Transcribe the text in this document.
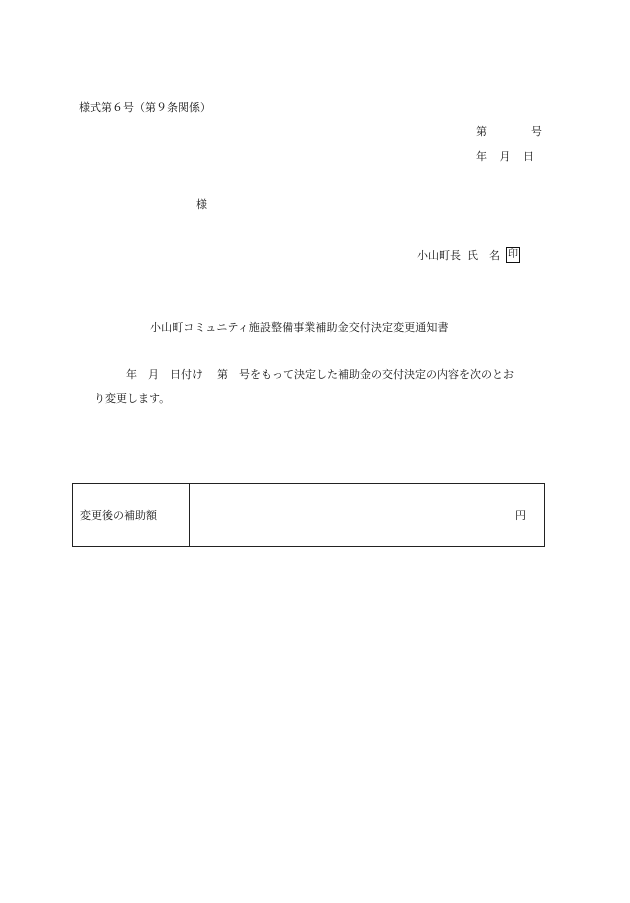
様式第６号（第９条関係）
第	号
年 月 日
様
小山町長 氏　名 印
小山町コミュニティ施設整備事業補助金交付決定変更通知書
年　月　日付け 第　号をもって決定した補助金の交付決定の内容を次のとお
り変更します。
変更後の補助額	円
